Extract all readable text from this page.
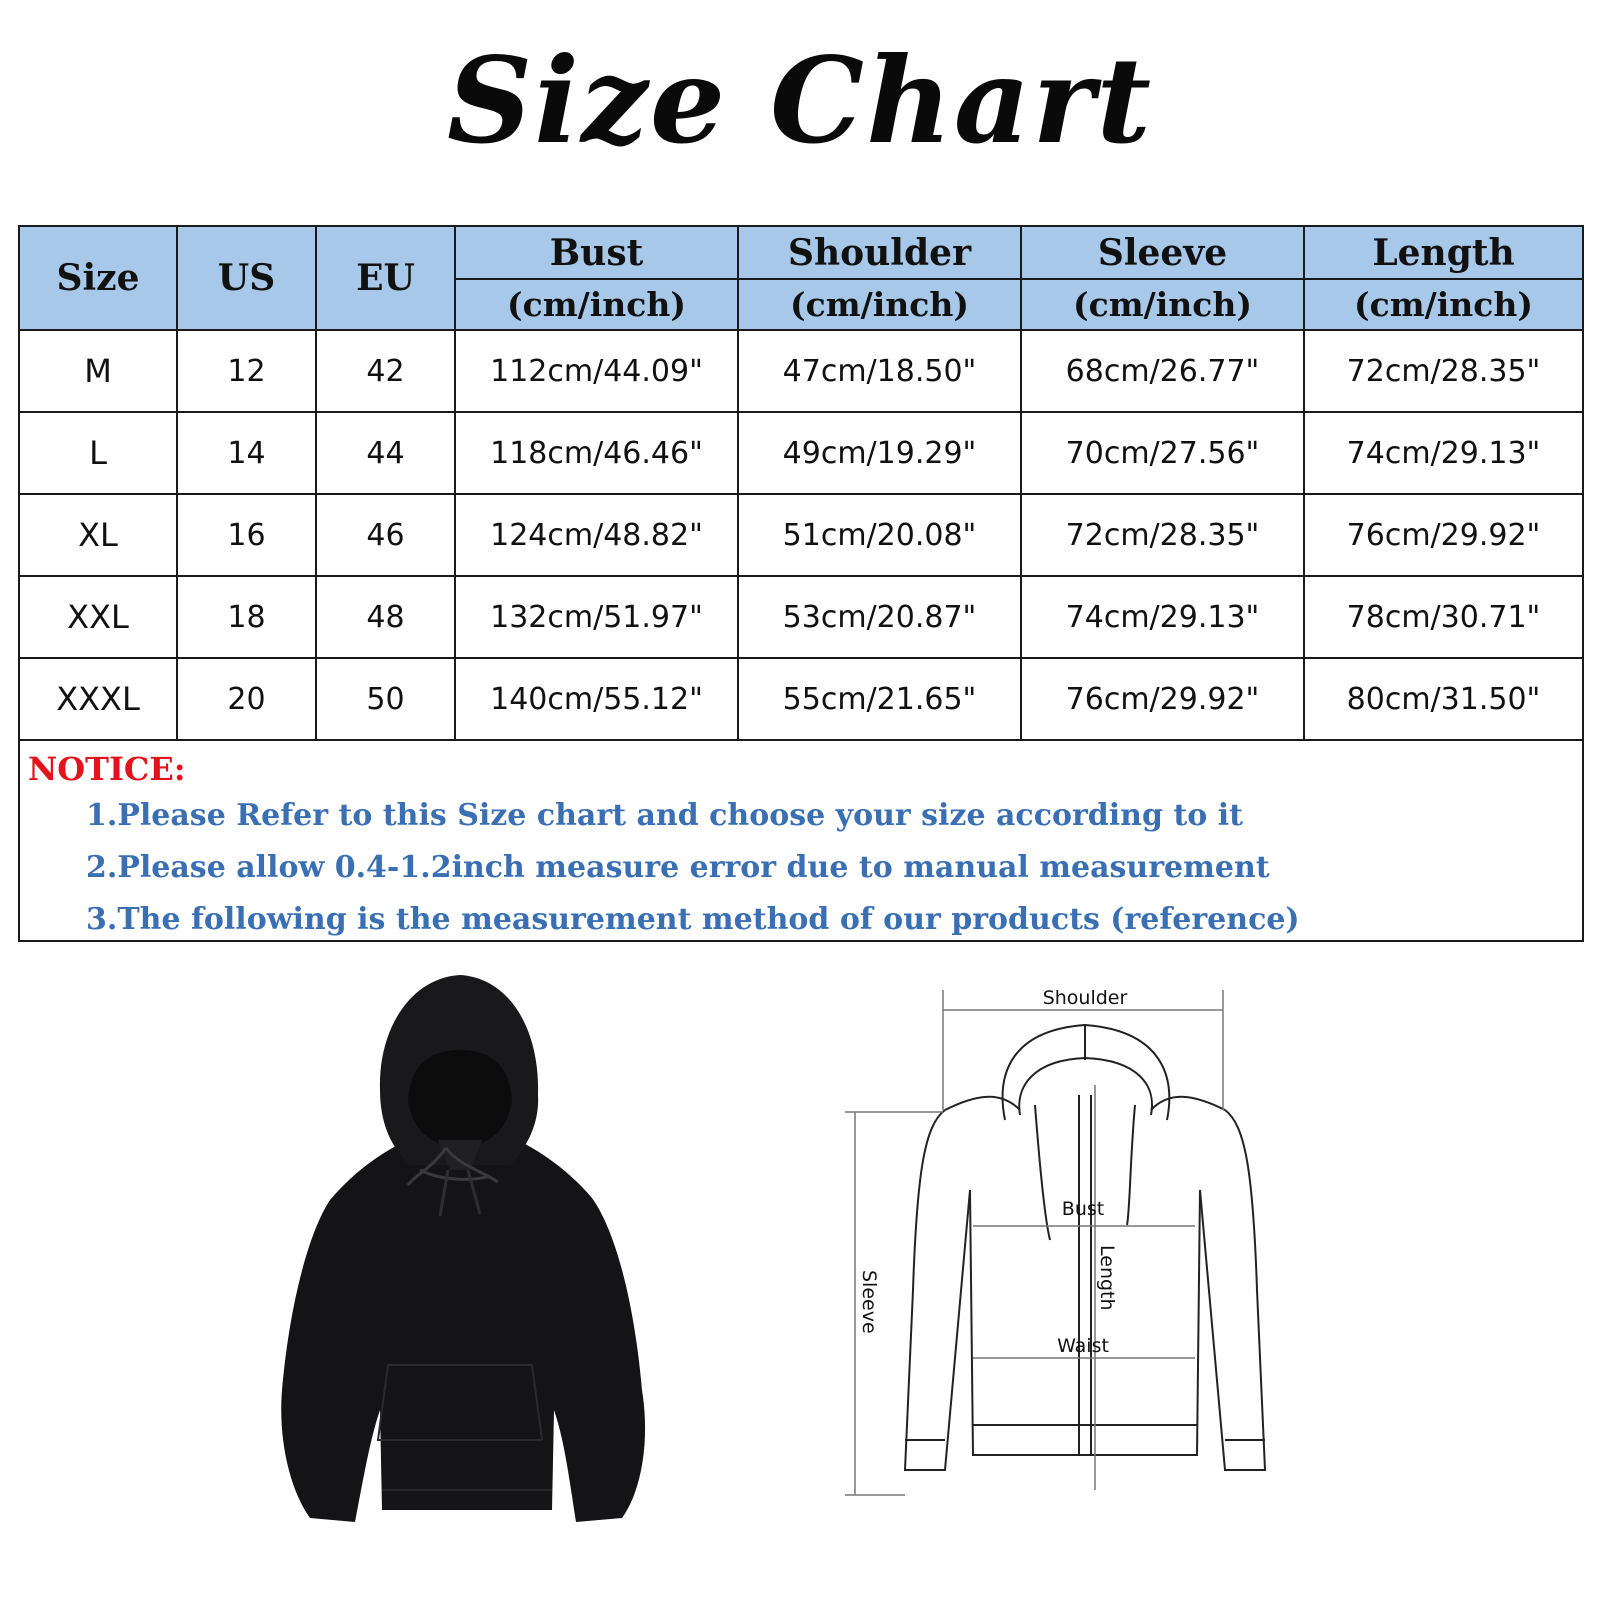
Size Chart
Size	US	EU	Bust	Shoulder	Sleeve	Length
			(cm/inch)	(cm/inch)	(cm/inch)	(cm/inch)
M	12	42	112cm/44.09"	47cm/18.50"	68cm/26.77"	72cm/28.35"
L	14	44	118cm/46.46"	49cm/19.29"	70cm/27.56"	74cm/29.13"
XL	16	46	124cm/48.82"	51cm/20.08"	72cm/28.35"	76cm/29.92"
XXL	18	48	132cm/51.97"	53cm/20.87"	74cm/29.13"	78cm/30.71"
XXXL	20	50	140cm/55.12"	55cm/21.65"	76cm/29.92"	80cm/31.50"
NOTICE:
1.Please Refer to this Size chart and choose your size according to it
2.Please allow 0.4-1.2inch measure error due to manual measurement
3.The following is the measurement method of our products (reference)
Shoulder
Bust
Waist
Length
Sleeve
